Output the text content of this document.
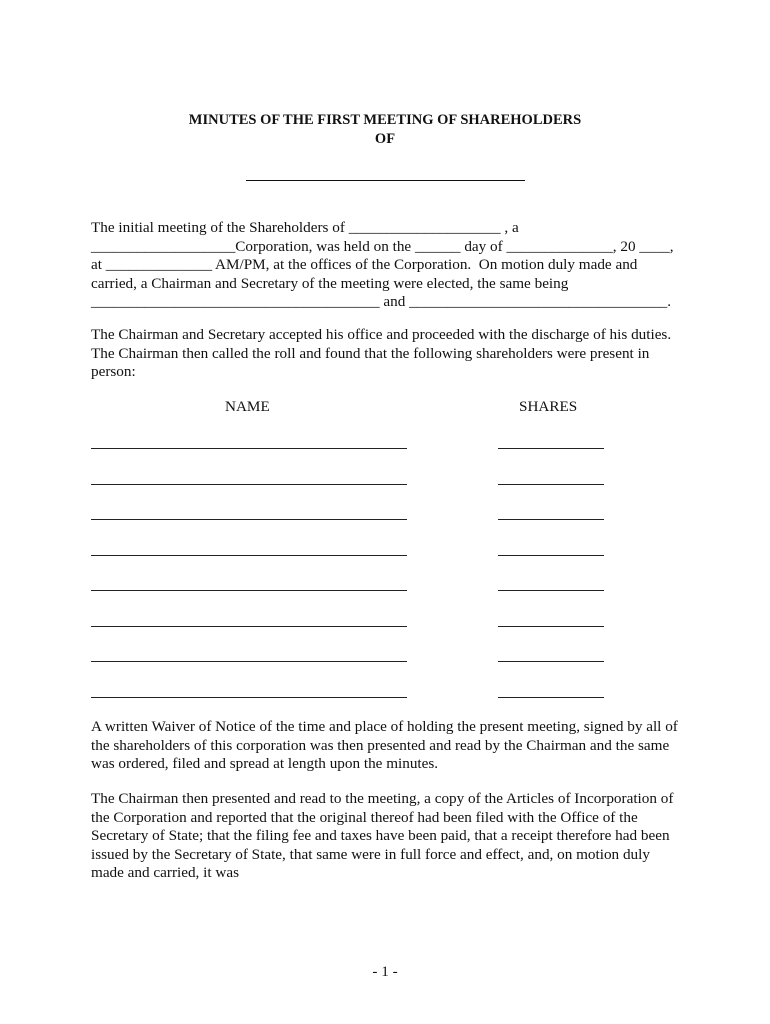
MINUTES OF THE FIRST MEETING OF SHAREHOLDERS
OF
The initial meeting of the Shareholders of ____________________ , a
___________________Corporation, was held on the ______ day of ______________, 20 ____,
at ______________ AM/PM, at the offices of the Corporation.  On motion duly made and
carried, a Chairman and Secretary of the meeting were elected, the same being
______________________________________ and __________________________________.
The Chairman and Secretary accepted his office and proceeded with the discharge of his duties.
The Chairman then called the roll and found that the following shareholders were present in
person:
NAME	SHARES
A written Waiver of Notice of the time and place of holding the present meeting, signed by all of
the shareholders of this corporation was then presented and read by the Chairman and the same
was ordered, filed and spread at length upon the minutes.
The Chairman then presented and read to the meeting, a copy of the Articles of Incorporation of
the Corporation and reported that the original thereof had been filed with the Office of the
Secretary of State; that the filing fee and taxes have been paid, that a receipt therefore had been
issued by the Secretary of State, that same were in full force and effect, and, on motion duly
made and carried, it was
- 1 -
